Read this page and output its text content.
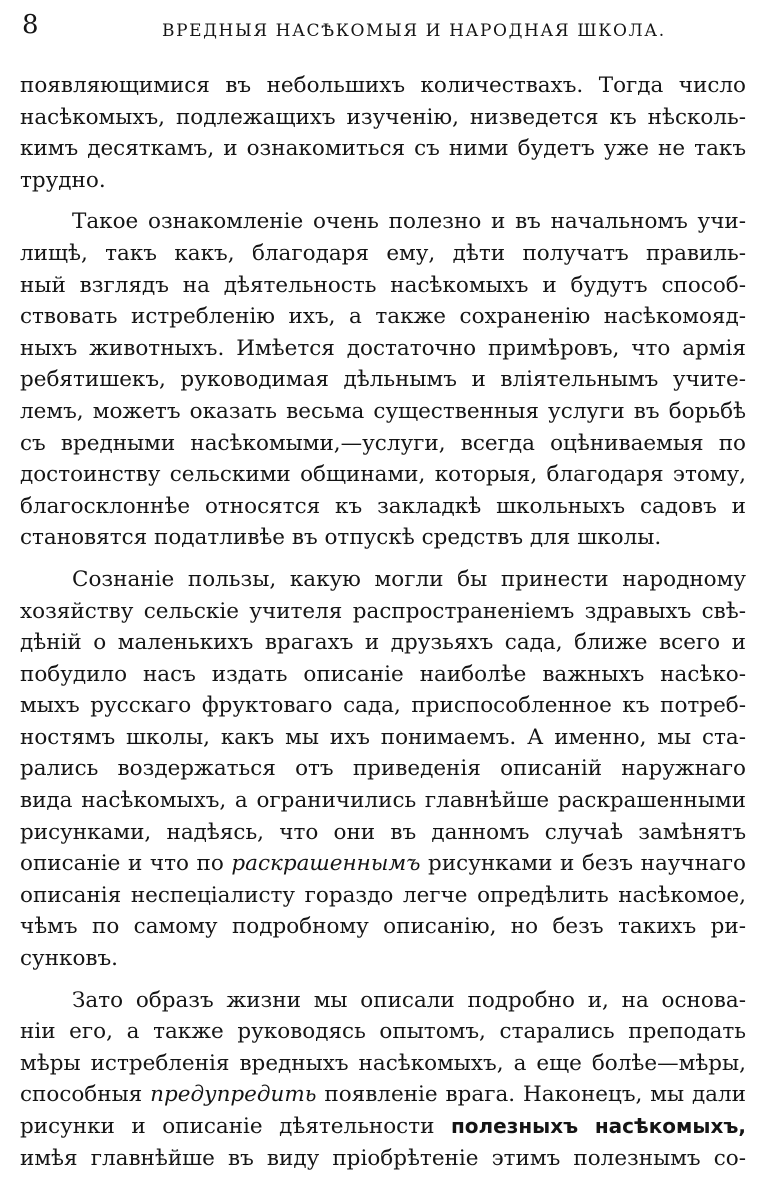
8	ВРЕДНЫЯ НАСѢКОМЫЯ И НАРОДНАЯ ШКОЛА.
появляющимися въ небольшихъ количествахъ. Тогда число
насѣкомыхъ, подлежащихъ изученію, низведется къ нѣсколь-
кимъ десяткамъ, и ознакомиться съ ними будетъ уже не такъ
трудно.
Такое ознакомленіе очень полезно и въ начальномъ учи-
лищѣ, такъ какъ, благодаря ему, дѣти получатъ правиль-
ный взглядъ на дѣятельность насѣкомыхъ и будутъ способ-
ствовать истребленію ихъ, а также сохраненію насѣкомояд-
ныхъ животныхъ. Имѣется достаточно примѣровъ, что армія
ребятишекъ, руководимая дѣльнымъ и вліятельнымъ учите-
лемъ, можетъ оказать весьма существенныя услуги въ борьбѣ
съ вредными насѣкомыми,—услуги, всегда оцѣниваемыя по
достоинству сельскими общинами, которыя, благодаря этому,
благосклоннѣе относятся къ закладкѣ школьныхъ садовъ и
становятся податливѣе въ отпускѣ средствъ для школы.
Сознаніе пользы, какую могли бы принести народному
хозяйству сельскіе учителя распространеніемъ здравыхъ свѣ-
дѣній о маленькихъ врагахъ и друзьяхъ сада, ближе всего и
побудило насъ издать описаніе наиболѣе важныхъ насѣко-
мыхъ русскаго фруктоваго сада, приспособленное къ потреб-
ностямъ школы, какъ мы ихъ понимаемъ. А именно, мы ста-
рались воздержаться отъ приведенія описаній наружнаго
вида насѣкомыхъ, а ограничились главнѣйше раскрашенными
рисунками, надѣясь, что они въ данномъ случаѣ замѣнятъ
описаніе и что по раскрашеннымъ рисунками и безъ научнаго
описанія неспеціалисту гораздо легче опредѣлить насѣкомое,
чѣмъ по самому подробному описанію, но безъ такихъ ри-
сунковъ.
Зато образъ жизни мы описали подробно и, на основа-
ніи его, а также руководясь опытомъ, старались преподать
мѣры истребленія вредныхъ насѣкомыхъ, а еще болѣе—мѣры,
способныя предупредить появленіе врага. Наконецъ, мы дали
рисунки и описаніе дѣятельности полезныхъ насѣкомыхъ,
имѣя главнѣйше въ виду пріобрѣтеніе этимъ полезнымъ со-
